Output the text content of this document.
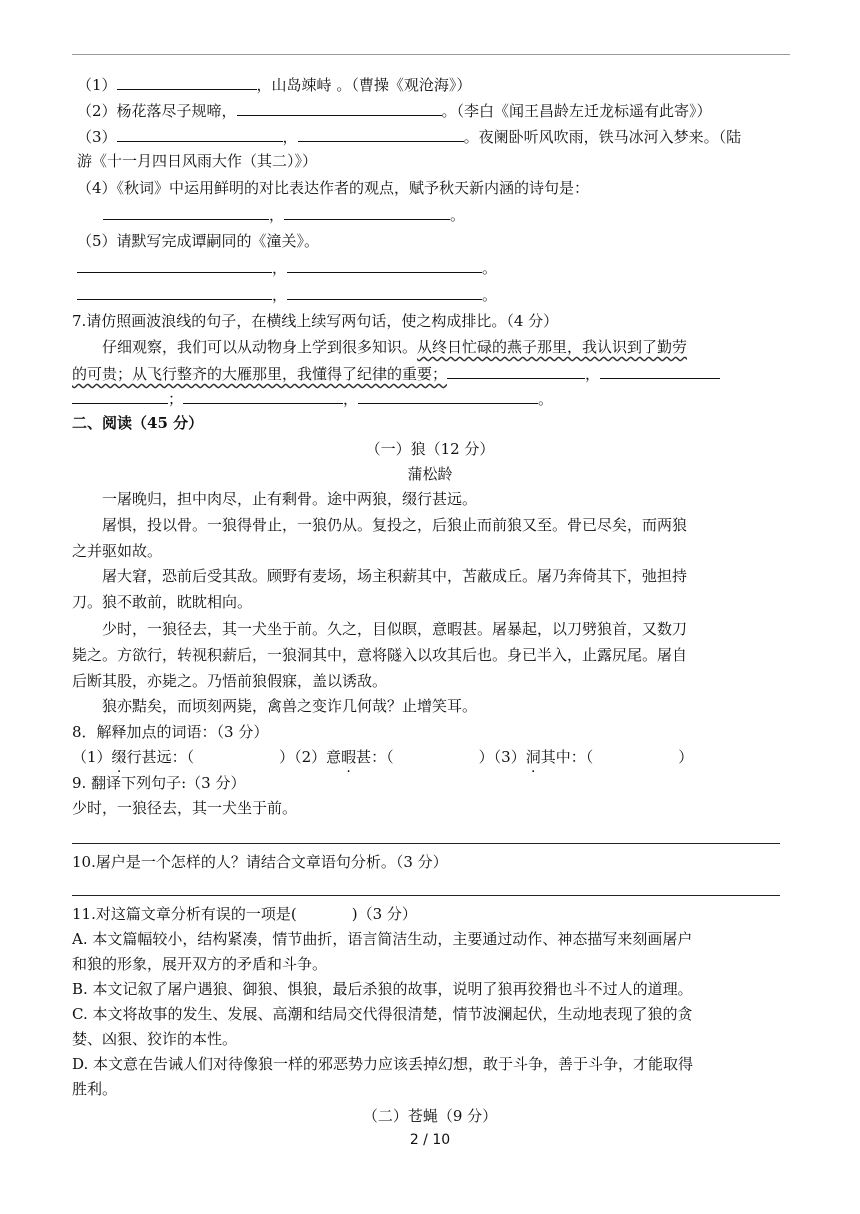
（1）	，山岛竦峙 。（曹操《观沧海》）
（2）杨花落尽子规啼，	。（李白《闻王昌龄左迁龙标遥有此寄》）
（3）	，	。夜阑卧听风吹雨，铁马冰河入梦来。（陆
游《十一月四日风雨大作（其二）》）
（4）《秋词》中运用鲜明的对比表达作者的观点，赋予秋天新内涵的诗句是：
，	。
（5）请默写完成谭嗣同的《潼关》。
，	。
，	。
7.请仿照画波浪线的句子，在横线上续写两句话，使之构成排比。（4 分）
仔细观察，我们可以从动物身上学到很多知识。从终日忙碌的燕子那里，我认识到了勤劳
的可贵；从飞行整齐的大雁那里，我懂得了纪律的重要；	，
；	，	。
二、阅读（45 分）
（一）狼（12 分）
蒲松龄
一屠晚归，担中肉尽，止有剩骨。途中两狼，缀行甚远。
屠惧，投以骨。一狼得骨止，一狼仍从。复投之，后狼止而前狼又至。骨已尽矣，而两狼
之并驱如故。
屠大窘，恐前后受其敌。顾野有麦场，场主积薪其中，苫蔽成丘。屠乃奔倚其下，弛担持
刀。狼不敢前，眈眈相向。
少时，一狼径去，其一犬坐于前。久之，目似瞑，意暇甚。屠暴起，以刀劈狼首，又数刀
毙之。方欲行，转视积薪后，一狼洞其中，意将隧入以攻其后也。身已半入，止露尻尾。屠自
后断其股，亦毙之。乃悟前狼假寐，盖以诱敌。
狼亦黠矣，而顷刻两毙，禽兽之变诈几何哉？止增笑耳。
8．解释加点的词语：（3 分）
（1）缀行甚远：（	）（2）意暇甚：（	）（3）洞其中：（	）
9. 翻译下列句子:（3 分）
少时，一狼径去，其一犬坐于前。
10.屠户是一个怎样的人？请结合文章语句分析。（3 分）
11.对这篇文章分析有误的一项是(	)（3 分）
A. 本文篇幅较小，结构紧凑，情节曲折，语言简洁生动，主要通过动作、神态描写来刻画屠户
和狼的形象，展开双方的矛盾和斗争。
B. 本文记叙了屠户遇狼、御狼、惧狼，最后杀狼的故事，说明了狼再狡猾也斗不过人的道理。
C. 本文将故事的发生、发展、高潮和结局交代得很清楚，情节波澜起伏，生动地表现了狼的贪
婪、凶狠、狡诈的本性。
D. 本文意在告诫人们对待像狼一样的邪恶势力应该丢掉幻想，敢于斗争，善于斗争，才能取得
胜利。
（二）苍蝇（9 分）
2 / 10
